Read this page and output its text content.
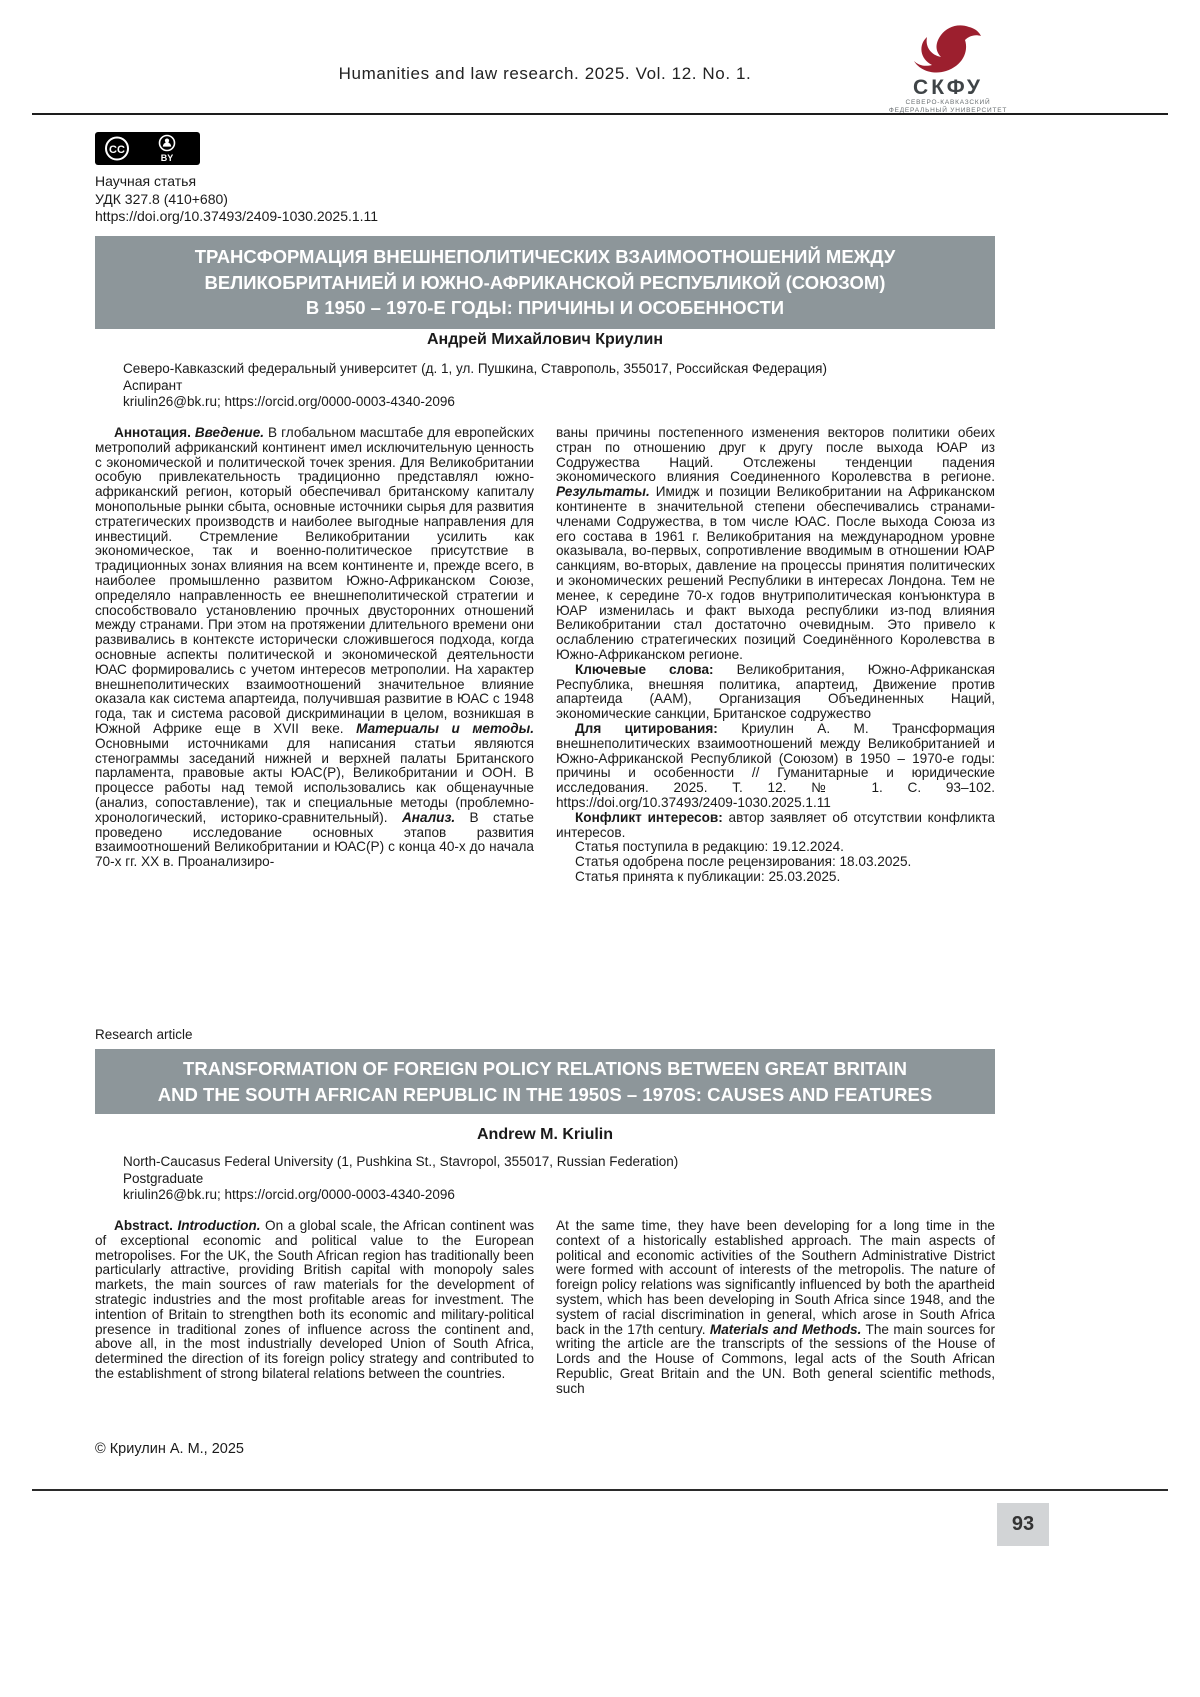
Humanities and law research. 2025. Vol. 12. No. 1.
СКФУ
СЕВЕРО-КАВКАЗСКИЙ
ФЕДЕРАЛЬНЫЙ УНИВЕРСИТЕТ
CC
BY
Научная статья
УДК 327.8 (410+680)
https://doi.org/10.37493/2409-1030.2025.1.11
ТРАНСФОРМАЦИЯ ВНЕШНЕПОЛИТИЧЕСКИХ ВЗАИМООТНОШЕНИЙ МЕЖДУ
ВЕЛИКОБРИТАНИЕЙ И ЮЖНО-АФРИКАНСКОЙ РЕСПУБЛИКОЙ (СОЮЗОМ)
В 1950 – 1970-Е ГОДЫ: ПРИЧИНЫ И ОСОБЕННОСТИ
Андрей Михайлович Криулин
Северо-Кавказский федеральный университет (д. 1, ул. Пушкина, Ставрополь, 355017, Российская Федерация)
Аспирант
kriulin26@bk.ru; https://orcid.org/0000-0003-4340-2096

Аннотация. Введение. В глобальном масштабе для европейских метрополий африканский континент имел исключительную ценность с экономической и политической точек зрения. Для Великобритании особую привлекательность традиционно представлял южно-африканский регион, который обеспечивал британскому капиталу монопольные рынки сбыта, основные источники сырья для развития стратегических производств и наиболее выгодные направления для инвестиций. Стремление Великобритании усилить как экономическое, так и военно-политическое присутствие в традиционных зонах влияния на всем континенте и, прежде всего, в наиболее промышленно развитом Южно-Африканском Союзе, определяло направленность ее внешнеполитической стратегии и способствовало установлению прочных двусторонних отношений между странами. При этом на протяжении длительного времени они развивались в контексте исторически сложившегося подхода, когда основные аспекты политической и экономической деятельности ЮАС формировались с учетом интересов метрополии. На характер внешнеполитических взаимоотношений значительное влияние оказала как система апартеида, получившая развитие в ЮАС с 1948 года, так и система расовой дискриминации в целом, возникшая в Южной Африке еще в XVII веке. Материалы и методы. Основными источниками для написания статьи являются стенограммы заседаний нижней и верхней палаты Британского парламента, правовые акты ЮАС(Р), Великобритании и ООН. В процессе работы над темой использовались как общенаучные (анализ, сопоставление), так и специальные методы (проблемно-хронологический, историко-сравнительный). Анализ. В статье проведено исследование основных этапов развития взаимоотношений Великобритании и ЮАС(Р) с конца 40-х до начала 70-х гг. XX в. Проанализиро-

ваны причины постепенного изменения векторов политики обеих стран по отношению друг к другу после выхода ЮАР из Содружества Наций. Отслежены тенденции падения экономического влияния Соединенного Королевства в регионе. Результаты. Имидж и позиции Великобритании на Африканском континенте в значительной степени обеспечивались странами-членами Содружества, в том числе ЮАС. После выхода Союза из его состава в 1961 г. Великобритания на международном уровне оказывала, во-первых, сопротивление вводимым в отношении ЮАР санкциям, во-вторых, давление на процессы принятия политических и экономических решений Республики в интересах Лондона. Тем не менее, к середине 70-х годов внутриполитическая конъюнктура в ЮАР изменилась и факт выхода республики из-под влияния Великобритании стал достаточно очевидным. Это привело к ослаблению стратегических позиций Соединённого Королевства в Южно-Африканском регионе.

Ключевые слова: Великобритания, Южно-Африканская Республика, внешняя политика, апартеид, Движение против апартеида (ААМ), Организация Объединенных Наций, экономические санкции, Британское содружество

Для цитирования: Криулин А. М. Трансформация внешнеполитических взаимоотношений между Великобританией и Южно-Африканской Республикой (Союзом) в 1950 – 1970-е годы: причины и особенности // Гуманитарные и юридические исследования. 2025. Т. 12. № 1. С. 93–102. https://doi.org/10.37493/2409-1030.2025.1.11

Конфликт интересов: автор заявляет об отсутствии конфликта интересов.

Статья поступила в редакцию: 19.12.2024.

Статья одобрена после рецензирования: 18.03.2025.

Статья принята к публикации: 25.03.2025.

Research article
TRANSFORMATION OF FOREIGN POLICY RELATIONS BETWEEN GREAT BRITAIN
AND THE SOUTH AFRICAN REPUBLIC IN THE 1950S – 1970S: CAUSES AND FEATURES
Andrew M. Kriulin
North-Caucasus Federal University (1, Pushkina St., Stavropol, 355017, Russian Federation)
Postgraduate
kriulin26@bk.ru; https://orcid.org/0000-0003-4340-2096

Abstract. Introduction. On a global scale, the African continent was of exceptional economic and political value to the European metropolises. For the UK, the South African region has traditionally been particularly attractive, providing British capital with monopoly sales markets, the main sources of raw materials for the development of strategic industries and the most profitable areas for investment. The intention of Britain to strengthen both its economic and military-political presence in traditional zones of influence across the continent and, above all, in the most industrially developed Union of South Africa, determined the direction of its foreign policy strategy and contributed to the establishment of strong bilateral relations between the countries.

At the same time, they have been developing for a long time in the context of a historically established approach. The main aspects of political and economic activities of the Southern Administrative District were formed with account of interests of the metropolis. The nature of foreign policy relations was significantly influenced by both the apartheid system, which has been developing in South Africa since 1948, and the system of racial discrimination in general, which arose in South Africa back in the 17th century. Materials and Methods. The main sources for writing the article are the transcripts of the sessions of the House of Lords and the House of Commons, legal acts of the South African Republic, Great Britain and the UN. Both general scientific methods, such

© Криулин А. М., 2025
93
